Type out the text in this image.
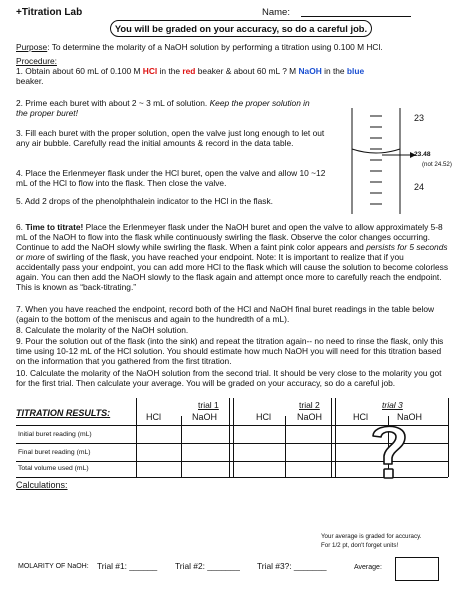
+Titration Lab	Name:
You will be graded on your accuracy, so do a careful job.
Purpose: To determine the molarity of a NaOH solution by performing a titration using 0.100 M HCl.
Procedure:
1. Obtain about 60 mL of 0.100 M HCl in the red beaker & about 60 mL ? M NaOH in the blue
beaker.
2. Prime each buret with about 2 ~ 3 mL of solution. Keep the proper solution in the proper buret!
3. Fill each buret with the proper solution, open the valve just long enough to let out any air bubble. Carefully read the initial amounts & record in the data table.
4. Place the Erlenmeyer flask under the HCl buret, open the valve and allow 10 ~12 mL of the HCl to flow into the flask. Then close the valve.
5. Add 2 drops of the phenolphthalein indicator to the HCl in the flask.
23
23.48
(not 24.52)
24
6. Time to titrate! Place the Erlenmeyer flask under the NaOH buret and open the valve to allow approximately 5-8 mL of the NaOH to flow into the flask while continuously swirling the flask. Observe the color changes occurring. Continue to add the NaOH slowly while swirling the flask. When a faint pink color appears and persists for 5 seconds or more of swirling of the flask, you have reached your endpoint. Note: It is important to realize that if you accidentally pass your endpoint, you can add more HCl to the flask which will cause the solution to become colorless again. You can then add the NaOH slowly to the flask again and attempt once more to carefully reach the endpoint. This is known as “back-titrating.”
7. When you have reached the endpoint, record both of the HCl and NaOH final buret readings in the table below (again to the bottom of the meniscus and again to the hundredth of a mL).
8. Calculate the molarity of the NaOH solution.
9. Pour the solution out of the flask (into the sink) and repeat the titration again-- no need to rinse the flask, only this time using 10-12 mL of the HCl solution. You should estimate how much NaOH you will need for this titration based on the information that you gathered from the first titration.
10. Calculate the molarity of the NaOH solution from the second trial. It should be very close to the molarity you got for the first trial. Then calculate your average. You will be graded on your accuracy, so do a careful job.
TITRATION RESULTS:
trial 1	trial 2	trial 3
HCl	NaOH	HCl	NaOH	HCl	NaOH
Initial buret reading (mL)
Final buret reading (mL)
Total volume used (mL)
Calculations:
Your average is graded for accuracy.
For 1/2 pt, don't forget units!
MOLARITY OF NaOH: Trial #1: ______ Trial #2: _______ Trial #3?: _______	Average:
